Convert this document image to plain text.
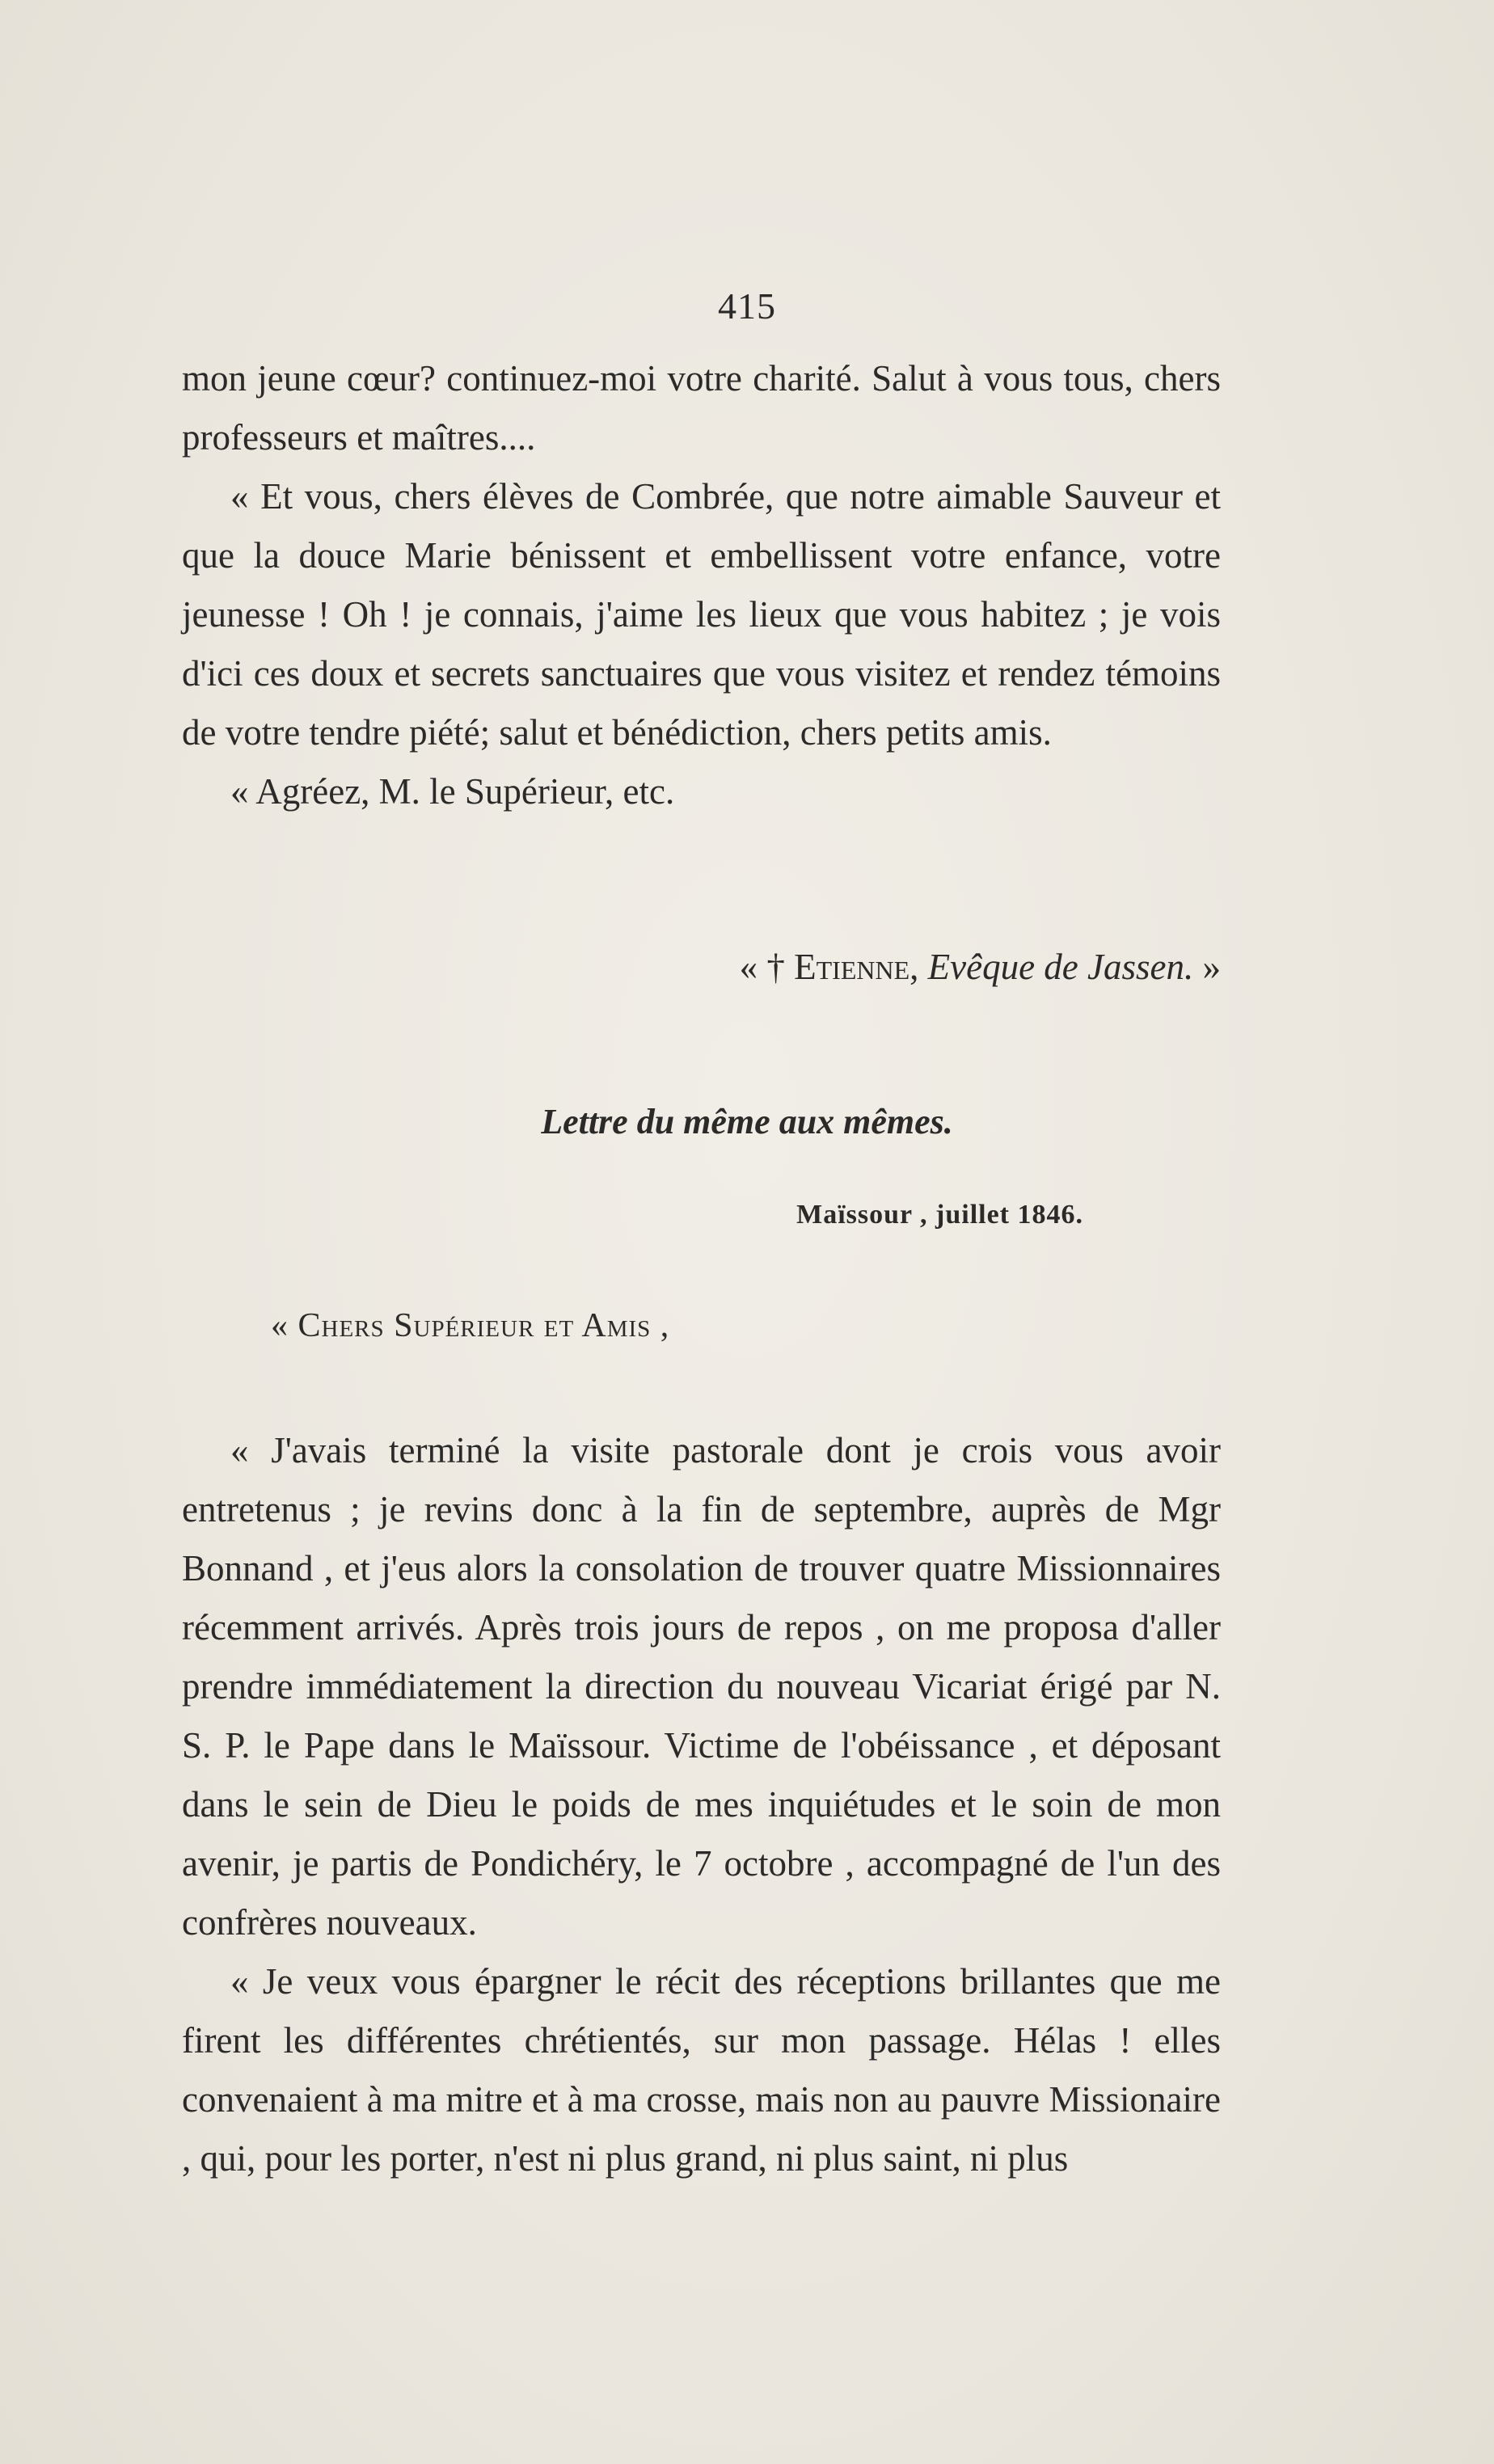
415

mon jeune cœur? continuez-moi votre charité. Salut à vous tous, chers professeurs et maîtres....

« Et vous, chers élèves de Combrée, que notre aimable Sauveur et que la douce Marie bénissent et embellissent votre enfance, votre jeunesse ! Oh ! je connais, j'aime les lieux que vous habitez ; je vois d'ici ces doux et secrets sanctuaires que vous visitez et rendez témoins de votre tendre piété; salut et bénédiction, chers petits amis.

« Agréez, M. le Supérieur, etc.

« † Etienne, Evêque de Jassen. »
Lettre du même aux mêmes.
Maïssour , juillet 1846.
« Chers Supérieur et Amis ,

« J'avais terminé la visite pastorale dont je crois vous avoir entretenus ; je revins donc à la fin de septembre, auprès de Mgr Bonnand , et j'eus alors la consolation de trouver quatre Missionnaires récemment arrivés. Après trois jours de repos , on me proposa d'aller prendre immédiatement la direction du nouveau Vicariat érigé par N. S. P. le Pape dans le Maïssour. Victime de l'obéissance , et déposant dans le sein de Dieu le poids de mes inquiétudes et le soin de mon avenir, je partis de Pondichéry, le 7 octobre , accompagné de l'un des confrères nouveaux.

« Je veux vous épargner le récit des réceptions brillantes que me firent les différentes chrétientés, sur mon passage. Hélas ! elles convenaient à ma mitre et à ma crosse, mais non au pauvre Missionaire , qui, pour les porter, n'est ni plus grand, ni plus saint, ni plus
